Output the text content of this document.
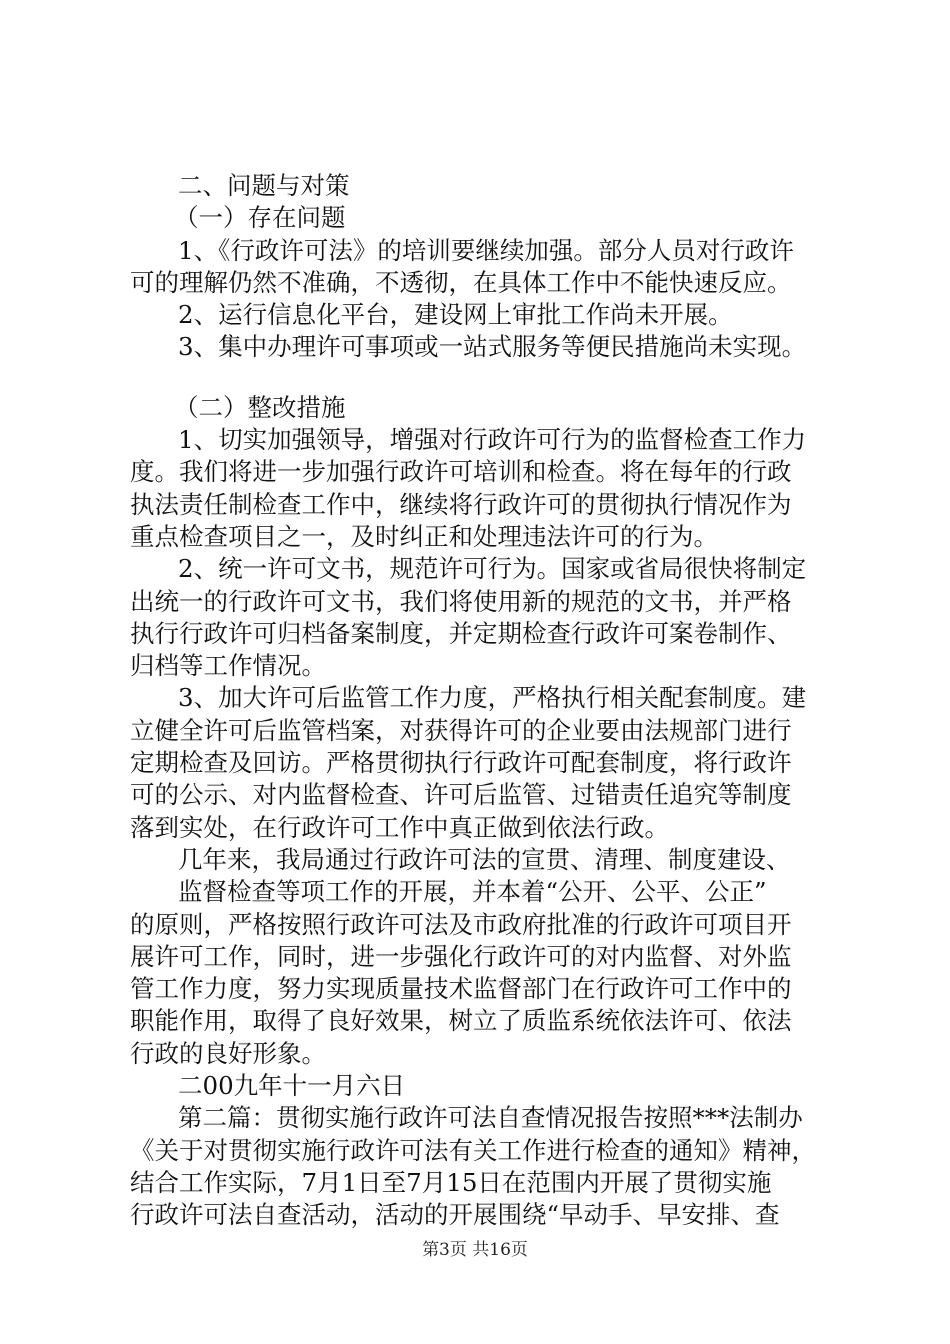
二、问题与对策
（一）存在问题
1、《行政许可法》的培训要继续加强。部分人员对行政许
可的理解仍然不准确，不透彻，在具体工作中不能快速反应。
2、运行信息化平台，建设网上审批工作尚未开展。
3、集中办理许可事项或一站式服务等便民措施尚未实现。
（二）整改措施
1、切实加强领导，增强对行政许可行为的监督检查工作力
度。我们将进一步加强行政许可培训和检查。将在每年的行政
执法责任制检查工作中，继续将行政许可的贯彻执行情况作为
重点检查项目之一，及时纠正和处理违法许可的行为。
2、统一许可文书，规范许可行为。国家或省局很快将制定
出统一的行政许可文书，我们将使用新的规范的文书，并严格
执行行政许可归档备案制度，并定期检查行政许可案卷制作、
归档等工作情况。
3、加大许可后监管工作力度，严格执行相关配套制度。建
立健全许可后监管档案，对获得许可的企业要由法规部门进行
定期检查及回访。严格贯彻执行行政许可配套制度，将行政许
可的公示、对内监督检查、许可后监管、过错责任追究等制度
落到实处，在行政许可工作中真正做到依法行政。
几年来，我局通过行政许可法的宣贯、清理、制度建设、
监督检查等项工作的开展，并本着“公开、公平、公正”
的原则，严格按照行政许可法及市政府批准的行政许可项目开
展许可工作，同时，进一步强化行政许可的对内监督、对外监
管工作力度，努力实现质量技术监督部门在行政许可工作中的
职能作用，取得了良好效果，树立了质监系统依法许可、依法
行政的良好形象。
二00九年十一月六日
第二篇：贯彻实施行政许可法自查情况报告按照***法制办
《关于对贯彻实施行政许可法有关工作进行检查的通知》精神，
结合工作实际，7月1日至7月15日在范围内开展了贯彻实施
行政许可法自查活动，活动的开展围绕“早动手、早安排、查
第3页 共16页
